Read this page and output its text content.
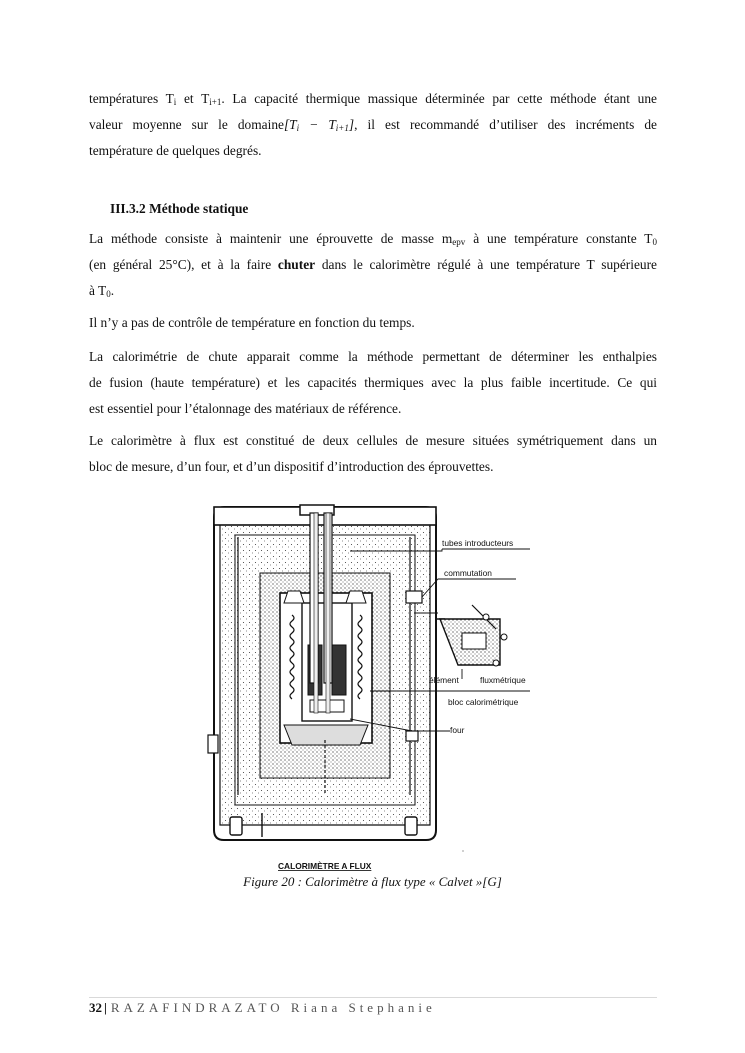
températures $T_i$ et $T_{i+1}$. La capacité thermique massique déterminée par cette méthode étant une
valeur moyenne sur le $domaine[T_i - T_{i+1}]$, il est recommandé d’utiliser des incréments de
température de quelques degrés.
III.3.2 Méthode statique
La méthode consiste à maintenir une éprouvette de masse $m_{epv}$ à une température constante $T_0$
(en général 25°C), et à la faire chuter dans le calorimètre régulé à une température T supérieure
à $T_0$.
Il n’y a pas de contrôle de température en fonction du temps.
La calorimétrie de chute apparait comme la méthode permettant de déterminer les enthalpies
de fusion (haute température) et les capacités thermiques avec la plus faible incertitude. Ce qui
est essentiel pour l’étalonnage des matériaux de référence.
Le calorimètre à flux est constitué de deux cellules de mesure situées symétriquement dans un
bloc de mesure, d’un four, et d’un dispositif d’introduction des éprouvettes.
tubes introducteurs
commutation
élément	fluxmétrique
bloc calorimétrique
four
CALORIMÈTRE A FLUX
Figure 20 : Calorimètre à flux type « Calvet »[G]
32 | RAZAFINDRAZATO Riana Stephanie
